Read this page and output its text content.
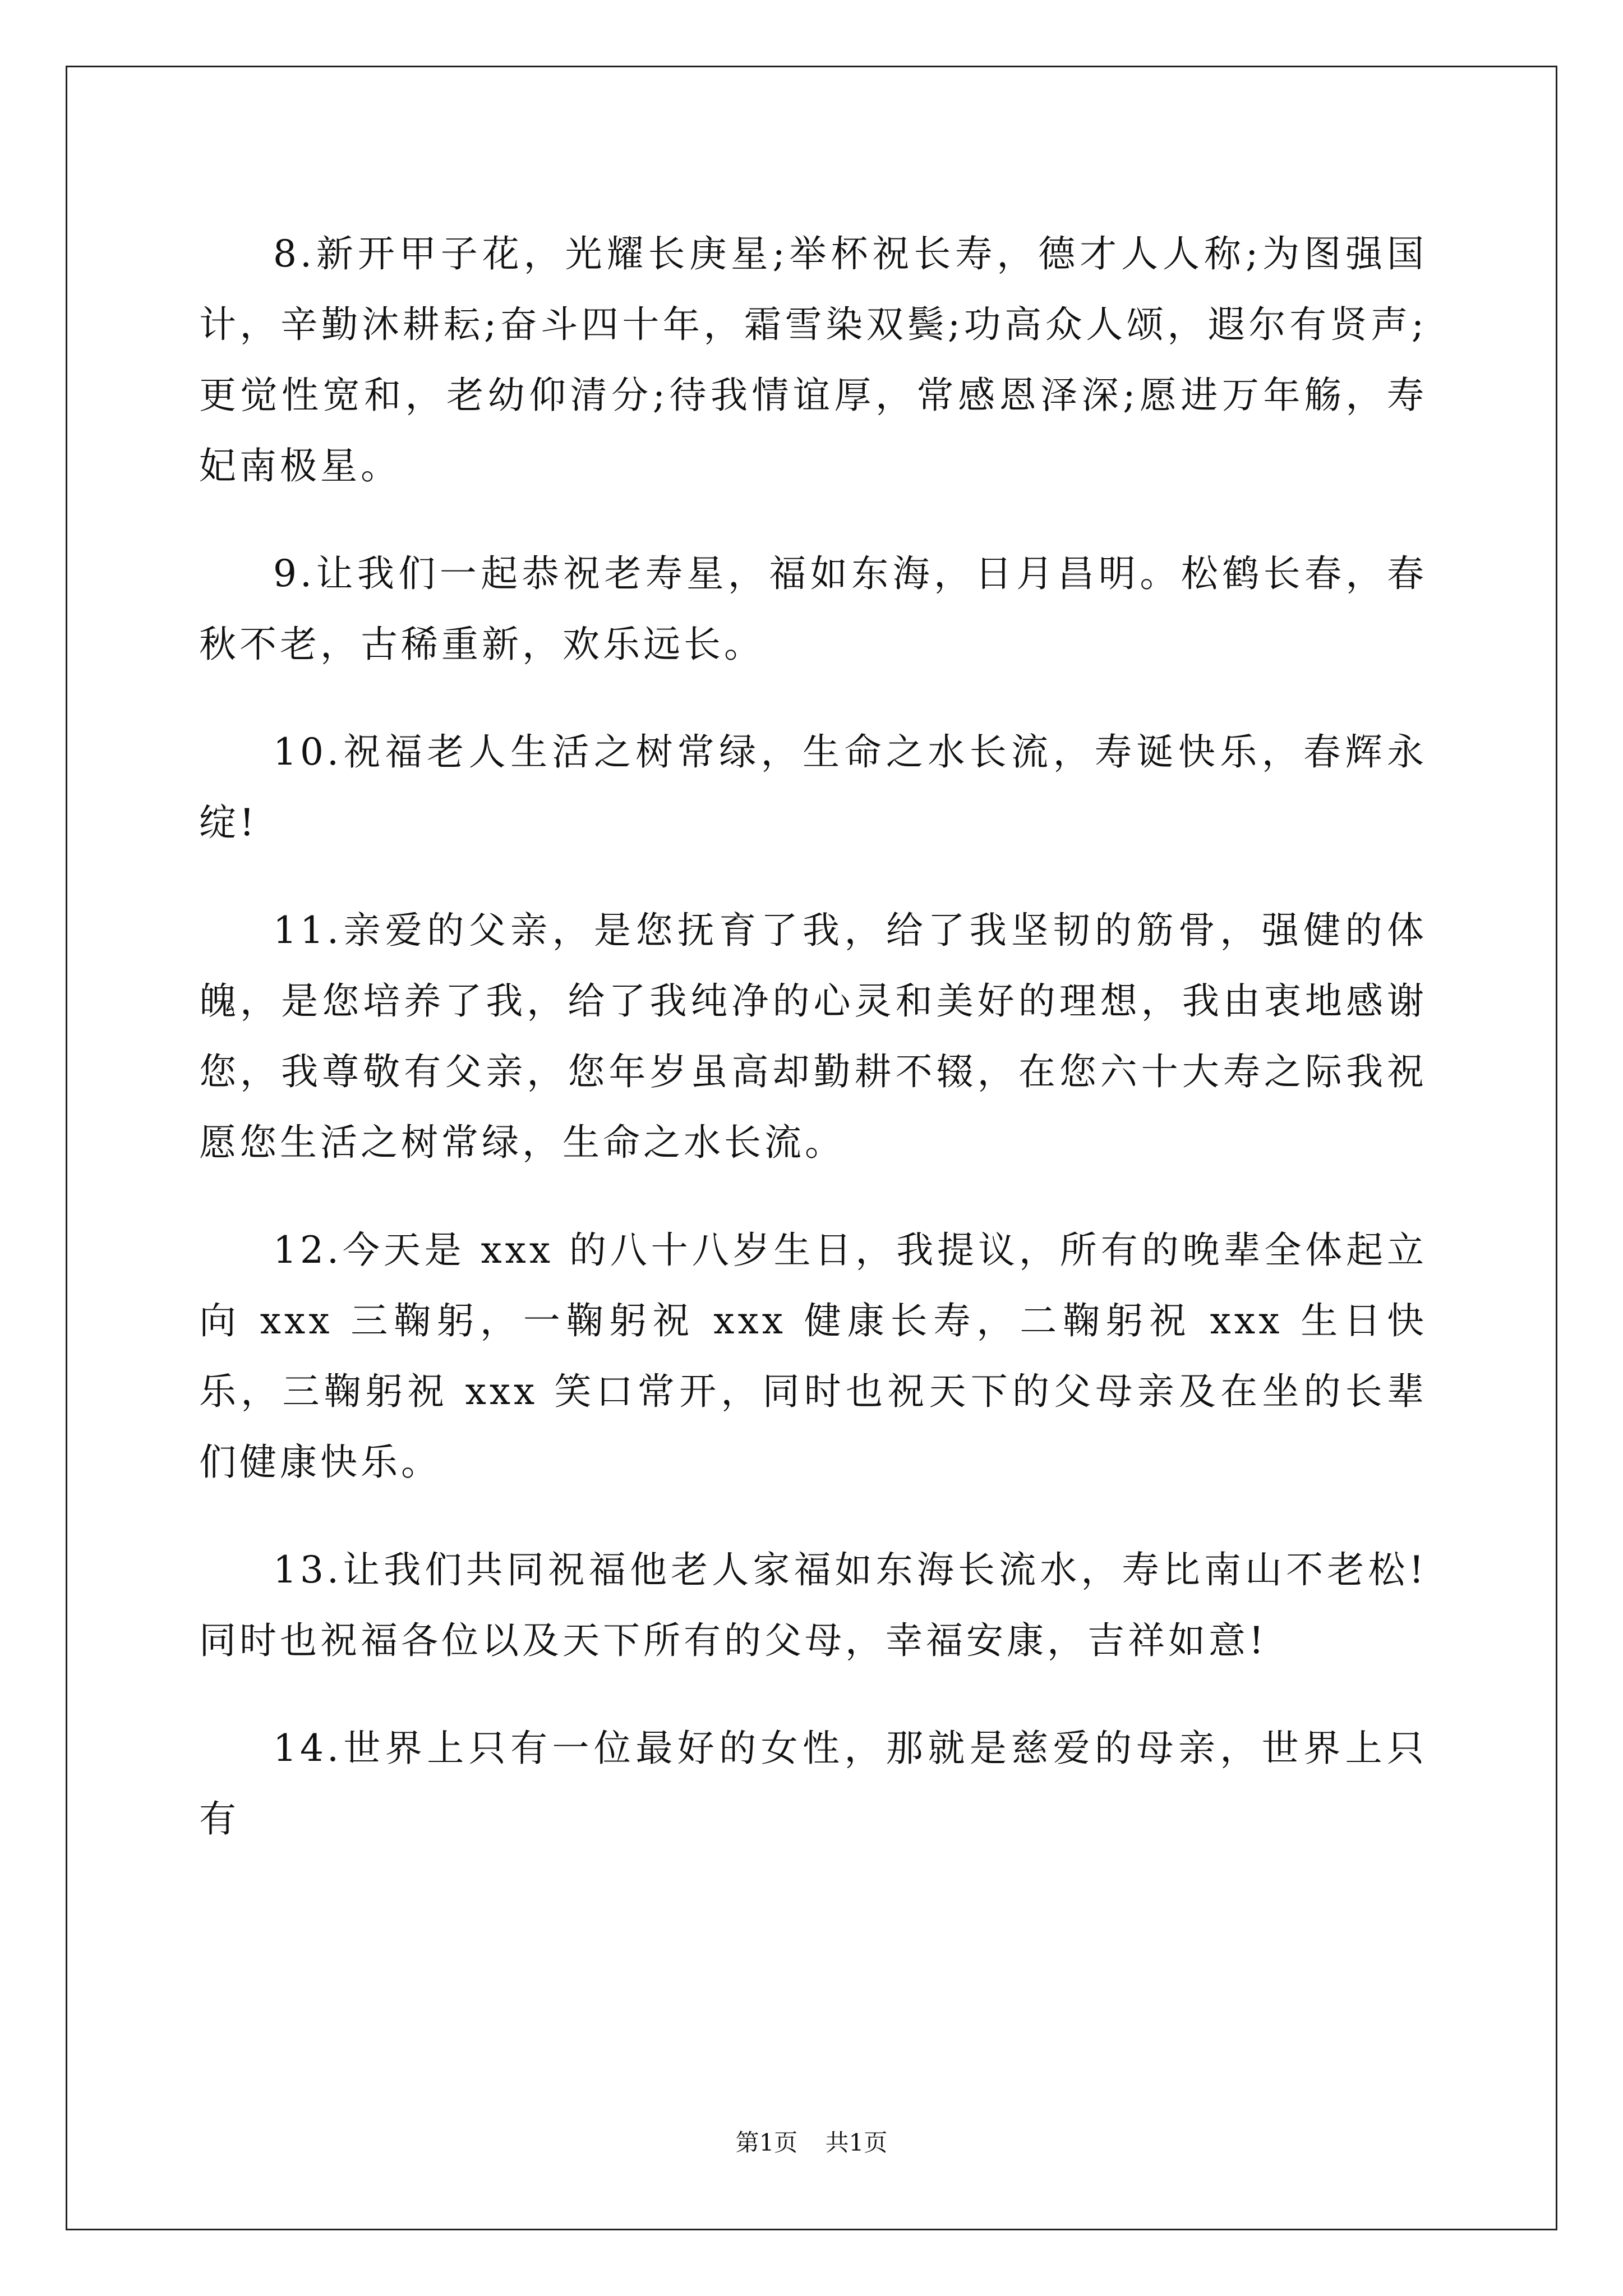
8.新开甲子花，光耀长庚星;举杯祝长寿，德才人人称;为图强国计，辛勤沐耕耘;奋斗四十年，霜雪染双鬓;功高众人颂，遐尔有贤声;更觉性宽和，老幼仰清分;待我情谊厚，常感恩泽深;愿进万年觞，寿妃南极星。

9.让我们一起恭祝老寿星，福如东海，日月昌明。松鹤长春，春秋不老，古稀重新，欢乐远长。

10.祝福老人生活之树常绿，生命之水长流，寿诞快乐，春辉永绽!

11.亲爱的父亲，是您抚育了我，给了我坚韧的筋骨，强健的体魄，是您培养了我，给了我纯净的心灵和美好的理想，我由衷地感谢您，我尊敬有父亲，您年岁虽高却勤耕不辍，在您六十大寿之际我祝愿您生活之树常绿，生命之水长流。

12.今天是 xxx 的八十八岁生日，我提议，所有的晚辈全体起立向 xxx 三鞠躬，一鞠躬祝 xxx 健康长寿，二鞠躬祝 xxx 生日快乐，三鞠躬祝 xxx 笑口常开，同时也祝天下的父母亲及在坐的长辈们健康快乐。

13.让我们共同祝福他老人家福如东海长流水，寿比南山不老松!同时也祝福各位以及天下所有的父母，幸福安康，吉祥如意!

14.世界上只有一位最好的女性，那就是慈爱的母亲，世界上只有

第1页 共1页
